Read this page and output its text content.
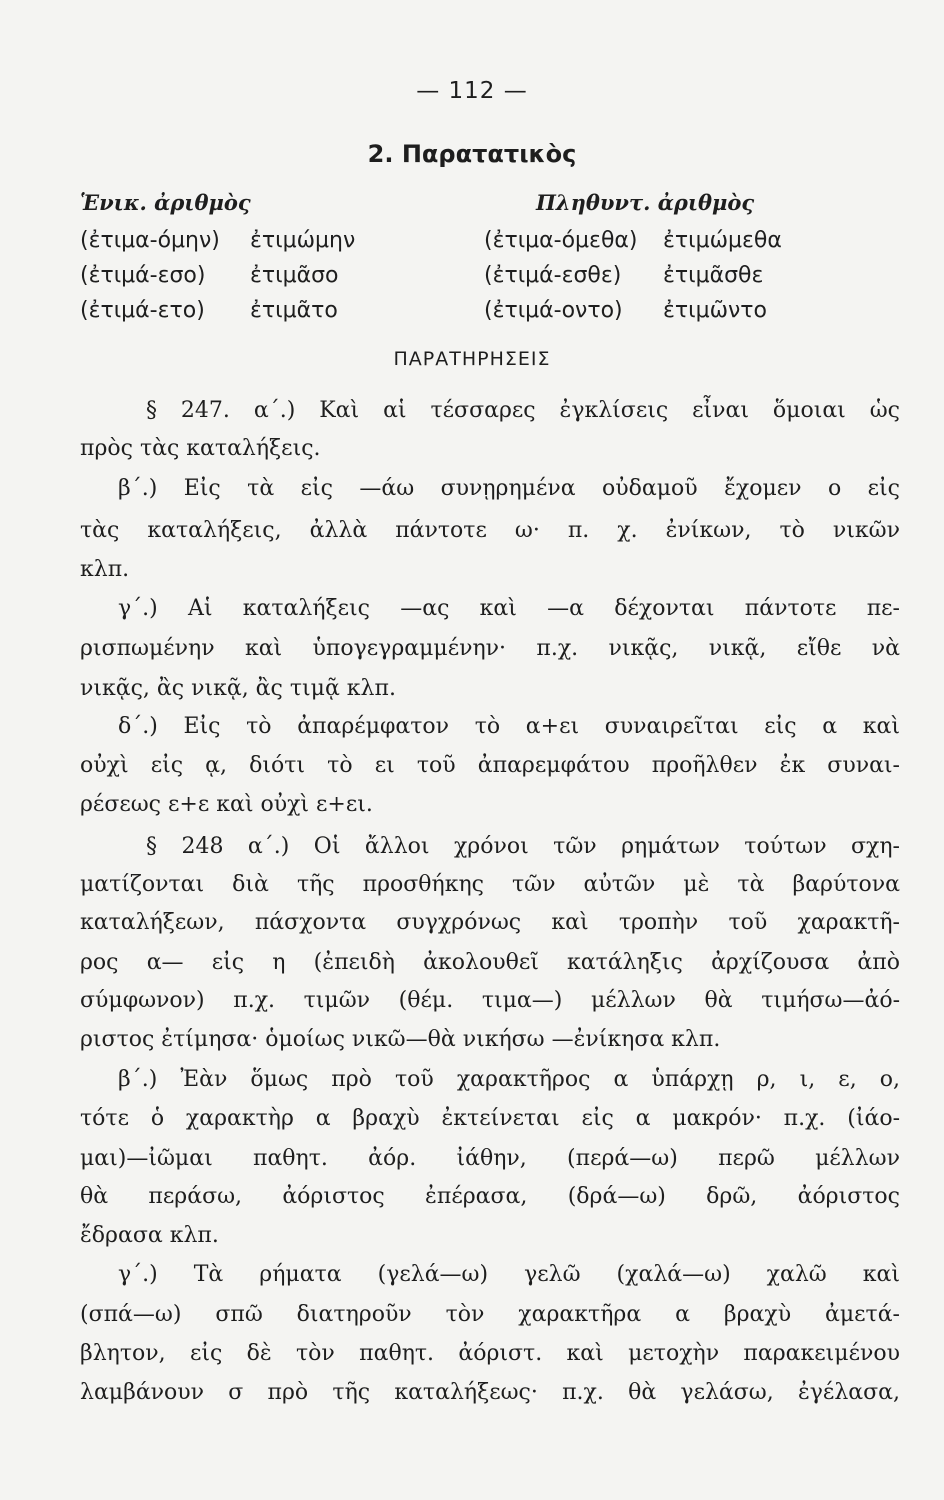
— 112 —
2. Παρατατικὸς
Ἑνικ. ἀριθμὸς	Πληθυντ. ἀριθμὸς
(ἐτιμα-όμην) ἐτιμώμην	(ἐτιμα-όμεθα) ἐτιμώμεθα
(ἐτιμά-εσο) ἐτιμᾶσο	(ἐτιμά-εσθε) ἐτιμᾶσθε
(ἐτιμά-ετο) ἐτιμᾶτο	(ἐτιμά-οντο) ἐτιμῶντο
ΠΑΡΑΤΗΡΗΣΕΙΣ
§ 247. α΄.) Καὶ αἱ τέσσαρες ἐγκλίσεις εἶναι ὅμοιαι ὡς
πρὸς τὰς καταλήξεις.
β΄.) Εἰς τὰ εἰς —άω συνῃρημένα οὐδαμοῦ ἔχομεν ο εἰς
τὰς καταλήξεις, ἀλλὰ πάντοτε ω· π. χ. ἐνίκων, τὸ νικῶν
κλπ.
γ΄.) Αἱ καταλήξεις —ας καὶ —α δέχονται πάντοτε πε-
ρισπωμένην καὶ ὑπογεγραμμένην· π.χ. νικᾷς, νικᾷ, εἴθε νὰ
νικᾷς, ἂς νικᾷ, ἂς τιμᾷ κλπ.
δ΄.) Εἰς τὸ ἀπαρέμφατον τὸ α+ει συναιρεῖται εἰς α καὶ
οὐχὶ εἰς ᾳ, διότι τὸ ει τοῦ ἀπαρεμφάτου προῆλθεν ἐκ συναι-
ρέσεως ε+ε καὶ οὐχὶ ε+ει.
§ 248 α΄.) Οἱ ἄλλοι χρόνοι τῶν ρημάτων τούτων σχη-
ματίζονται διὰ τῆς προσθήκης τῶν αὐτῶν μὲ τὰ βαρύτονα
καταλήξεων, πάσχοντα συγχρόνως καὶ τροπὴν τοῦ χαρακτῆ-
ρος α— εἰς η (ἐπειδὴ ἀκολουθεῖ κατάληξις ἀρχίζουσα ἀπὸ
σύμφωνον) π.χ. τιμῶν (θέμ. τιμα—) μέλλων θὰ τιμήσω—ἀό-
ριστος ἐτίμησα· ὁμοίως νικῶ—θὰ νικήσω —ἐνίκησα κλπ.
β΄.) Ἐὰν ὅμως πρὸ τοῦ χαρακτῆρος α ὑπάρχῃ ρ, ι, ε, ο,
τότε ὁ χαρακτὴρ α βραχὺ ἐκτείνεται εἰς α μακρόν· π.χ. (ἰάο-
μαι)—ἰῶμαι παθητ. ἀόρ. ἰάθην, (περά—ω) περῶ μέλλων
θὰ περάσω, ἀόριστος ἐπέρασα, (δρά—ω) δρῶ, ἀόριστος
ἔδρασα κλπ.
γ΄.) Τὰ ρήματα (γελά—ω) γελῶ (χαλά—ω) χαλῶ καὶ
(σπά—ω) σπῶ διατηροῦν τὸν χαρακτῆρα α βραχὺ ἀμετά-
βλητον, εἰς δὲ τὸν παθητ. ἀόριστ. καὶ μετοχὴν παρακειμένου
λαμβάνουν σ πρὸ τῆς καταλήξεως· π.χ. θὰ γελάσω, ἐγέλασα,
